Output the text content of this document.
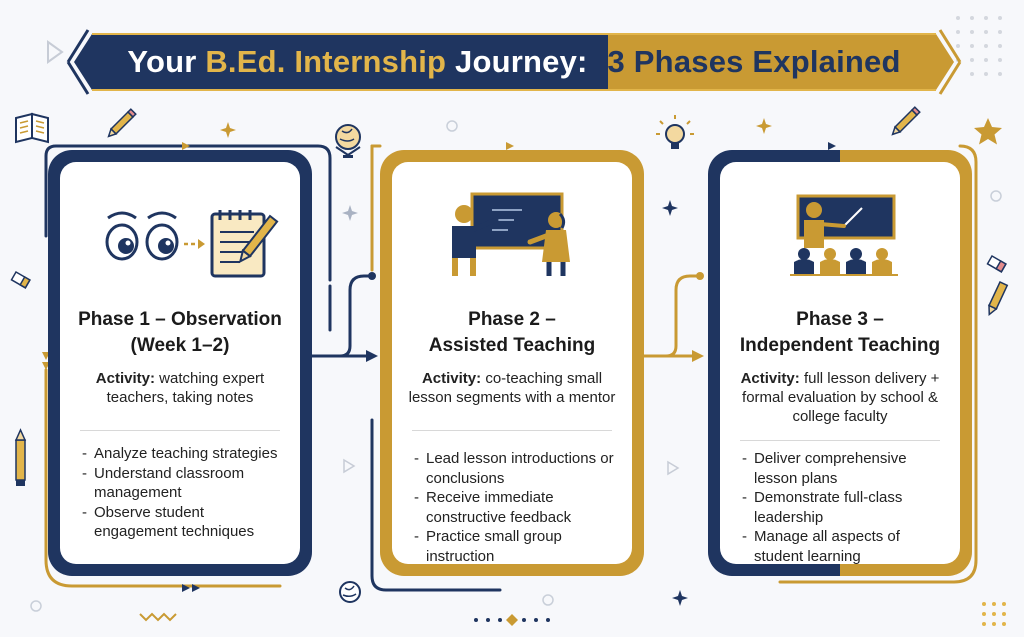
Your B.Ed. Internship Journey: 3 Phases Explained
Phase 1 – Observation
(Week 1–2)
Activity: watching expert teachers, taking notes
- Analyze teaching strategies
- Understand classroom management
- Observe student engagement techniques
Phase 2 –
Assisted Teaching
Activity: co-teaching small lesson segments with a mentor
- Lead lesson introductions or conclusions
- Receive immediate constructive feedback
- Practice small group instruction
Phase 3 –
Independent Teaching
Activity: full lesson delivery + formal evaluation by school & college faculty
- Deliver comprehensive lesson plans
- Demonstrate full-class leadership
- Manage all aspects of student learning
